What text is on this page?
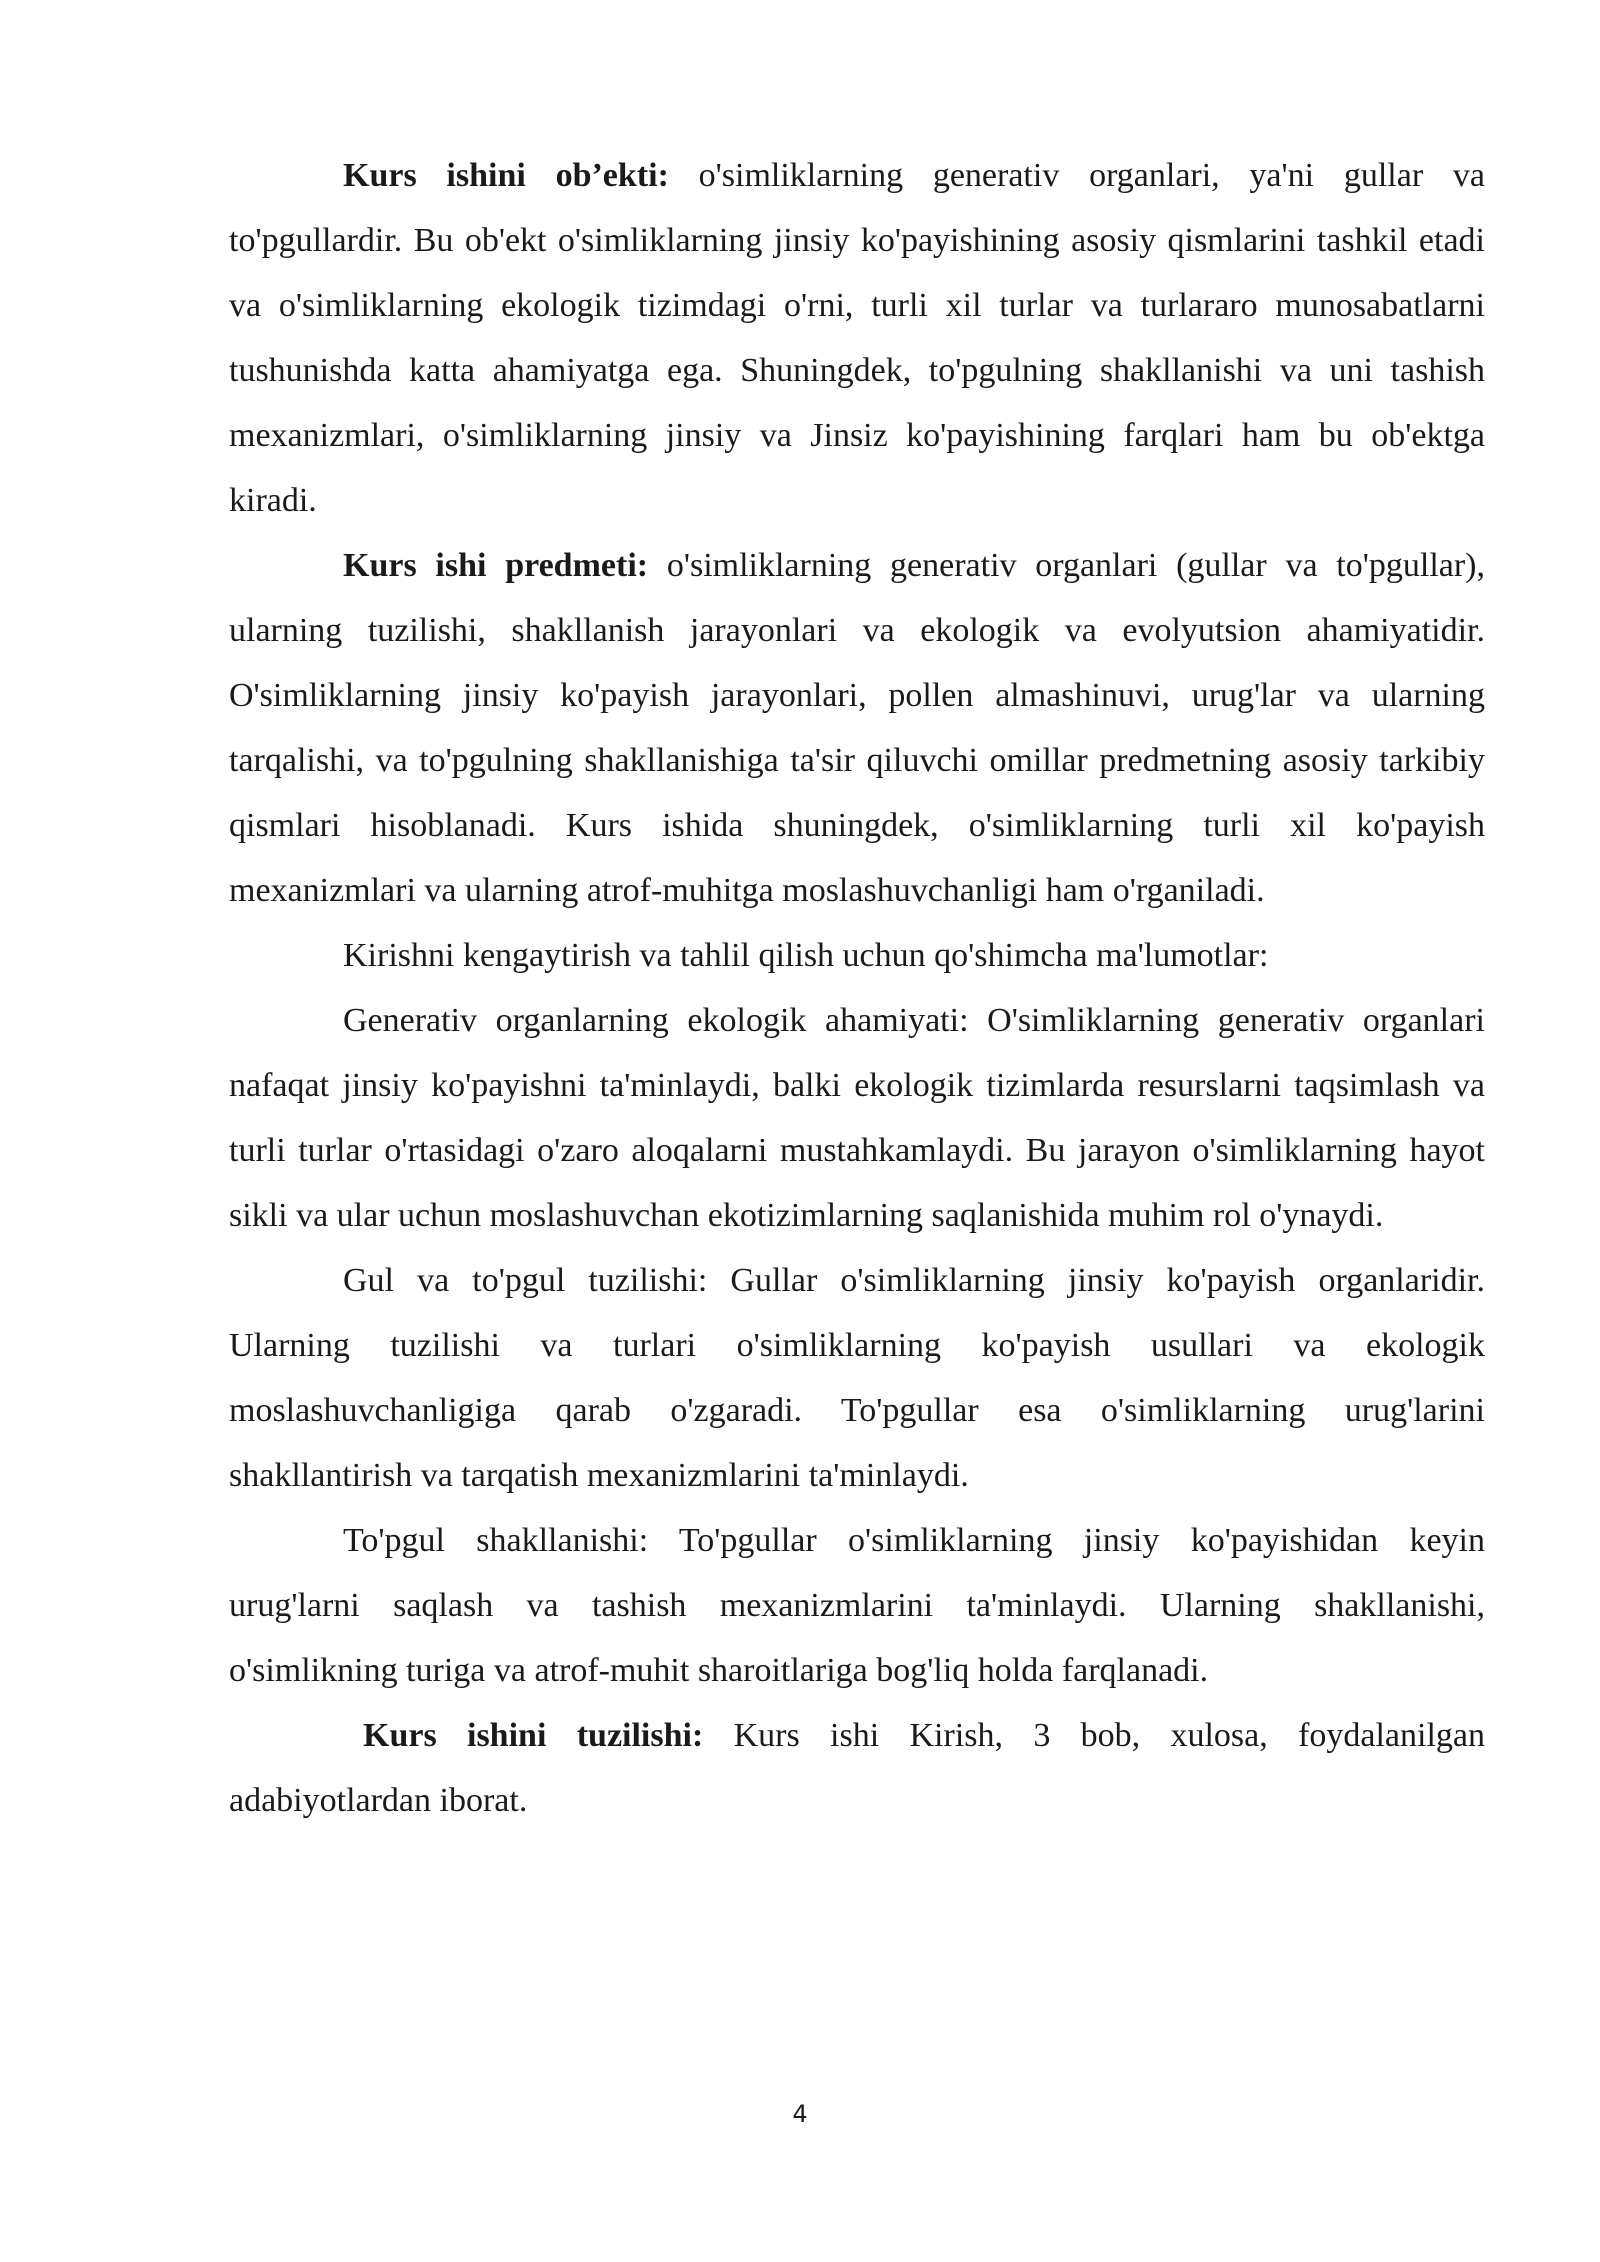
Kurs ishini ob’ekti: o'simliklarning generativ organlari, ya'ni gullar va to'pgullardir. Bu ob'ekt o'simliklarning jinsiy ko'payishining asosiy qismlarini tashkil etadi va o'simliklarning ekologik tizimdagi o'rni, turli xil turlar va turlararo munosabatlarni tushunishda katta ahamiyatga ega. Shuningdek, to'pgulning shakllanishi va uni tashish mexanizmlari, o'simliklarning jinsiy va Jinsiz ko'payishining farqlari ham bu ob'ektga kiradi.

Kurs ishi predmeti: o'simliklarning generativ organlari (gullar va to'pgullar), ularning tuzilishi, shakllanish jarayonlari va ekologik va evolyutsion ahamiyatidir. O'simliklarning jinsiy ko'payish jarayonlari, pollen almashinuvi, urug'lar va ularning tarqalishi, va to'pgulning shakllanishiga ta'sir qiluvchi omillar predmetning asosiy tarkibiy qismlari hisoblanadi. Kurs ishida shuningdek, o'simliklarning turli xil ko'payish mexanizmlari va ularning atrof-muhitga moslashuvchanligi ham o'rganiladi.

Kirishni kengaytirish va tahlil qilish uchun qo'shimcha ma'lumotlar:

Generativ organlarning ekologik ahamiyati: O'simliklarning generativ organlari nafaqat jinsiy ko'payishni ta'minlaydi, balki ekologik tizimlarda resurslarni taqsimlash va turli turlar o'rtasidagi o'zaro aloqalarni mustahkamlaydi. Bu jarayon o'simliklarning hayot sikli va ular uchun moslashuvchan ekotizimlarning saqlanishida muhim rol o'ynaydi.

Gul va to'pgul tuzilishi: Gullar o'simliklarning jinsiy ko'payish organlaridir. Ularning tuzilishi va turlari o'simliklarning ko'payish usullari va ekologik moslashuvchanligiga qarab o'zgaradi. To'pgullar esa o'simliklarning urug'larini shakllantirish va tarqatish mexanizmlarini ta'minlaydi.

To'pgul shakllanishi: To'pgullar o'simliklarning jinsiy ko'payishidan keyin urug'larni saqlash va tashish mexanizmlarini ta'minlaydi. Ularning shakllanishi, o'simlikning turiga va atrof-muhit sharoitlariga bog'liq holda farqlanadi.

Kurs ishini tuzilishi: Kurs ishi Kirish, 3 bob, xulosa, foydalanilgan adabiyotlardan iborat.

4
